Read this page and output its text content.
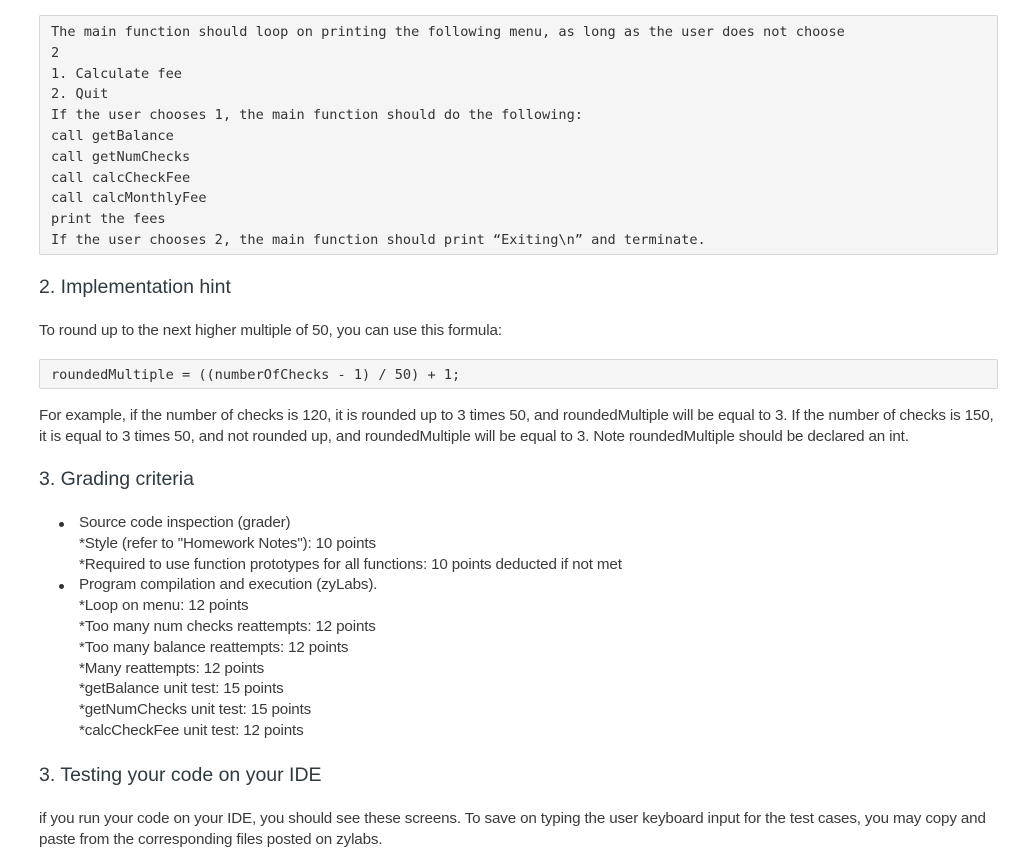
The main function should loop on printing the following menu, as long as the user does not choose
2
1. Calculate fee
2. Quit
If the user chooses 1, the main function should do the following:
call getBalance
call getNumChecks
call calcCheckFee
call calcMonthlyFee
print the fees
If the user chooses 2, the main function should print “Exiting\n” and terminate.
2. Implementation hint

To round up to the next higher multiple of 50, you can use this formula:

roundedMultiple = ((numberOfChecks - 1) / 50) + 1;

For example, if the number of checks is 120, it is rounded up to 3 times 50, and roundedMultiple will be equal to 3. If the number of checks is 150, it is equal to 3 times 50, and not rounded up, and roundedMultiple will be equal to 3. Note roundedMultiple should be declared an int.

3. Grading criteria
Source code inspection (grader)
*Style (refer to "Homework Notes"): 10 points
*Required to use function prototypes for all functions: 10 points deducted if not met
Program compilation and execution (zyLabs).
*Loop on menu: 12 points
*Too many num checks reattempts: 12 points
*Too many balance reattempts: 12 points
*Many reattempts: 12 points
*getBalance unit test: 15 points
*getNumChecks unit test: 15 points
*calcCheckFee unit test: 12 points
3. Testing your code on your IDE

if you run your code on your IDE, you should see these screens. To save on typing the user keyboard input for the test cases, you may copy and paste from the corresponding files posted on zylabs.
